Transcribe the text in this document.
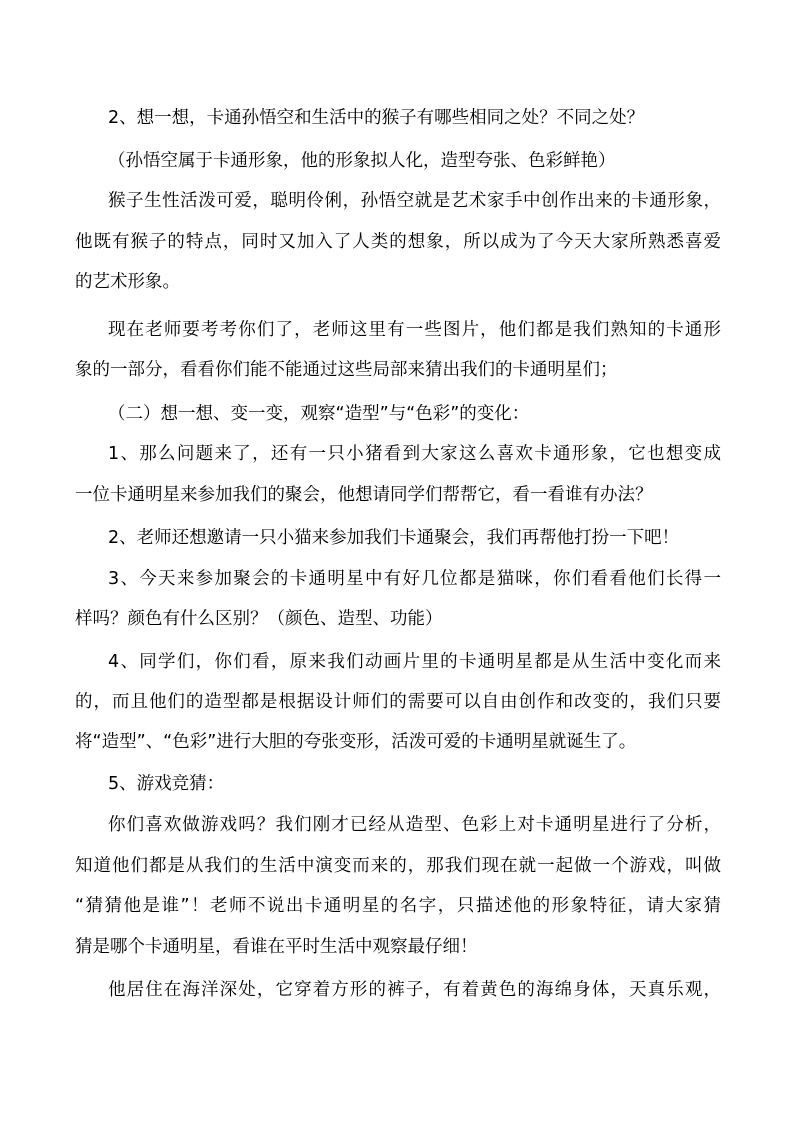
2、想一想，卡通孙悟空和生活中的猴子有哪些相同之处？不同之处？
（孙悟空属于卡通形象，他的形象拟人化，造型夸张、色彩鲜艳）
猴子生性活泼可爱，聪明伶俐，孙悟空就是艺术家手中创作出来的卡通形象，
他既有猴子的特点，同时又加入了人类的想象，所以成为了今天大家所熟悉喜爱
的艺术形象。
现在老师要考考你们了，老师这里有一些图片，他们都是我们熟知的卡通形
象的一部分，看看你们能不能通过这些局部来猜出我们的卡通明星们；
（二）想一想、变一变，观察“造型”与“色彩”的变化：
1、那么问题来了，还有一只小猪看到大家这么喜欢卡通形象，它也想变成
一位卡通明星来参加我们的聚会，他想请同学们帮帮它，看一看谁有办法？
2、老师还想邀请一只小猫来参加我们卡通聚会，我们再帮他打扮一下吧！
3、今天来参加聚会的卡通明星中有好几位都是猫咪，你们看看他们长得一
样吗？颜色有什么区别？（颜色、造型、功能）
4、同学们，你们看，原来我们动画片里的卡通明星都是从生活中变化而来
的，而且他们的造型都是根据设计师们的需要可以自由创作和改变的，我们只要
将“造型”、“色彩”进行大胆的夸张变形，活泼可爱的卡通明星就诞生了。
5、游戏竞猜：
你们喜欢做游戏吗？我们刚才已经从造型、色彩上对卡通明星进行了分析，
知道他们都是从我们的生活中演变而来的，那我们现在就一起做一个游戏，叫做
“猜猜他是谁”！老师不说出卡通明星的名字，只描述他的形象特征，请大家猜
猜是哪个卡通明星，看谁在平时生活中观察最仔细！
他居住在海洋深处，它穿着方形的裤子，有着黄色的海绵身体，天真乐观，
